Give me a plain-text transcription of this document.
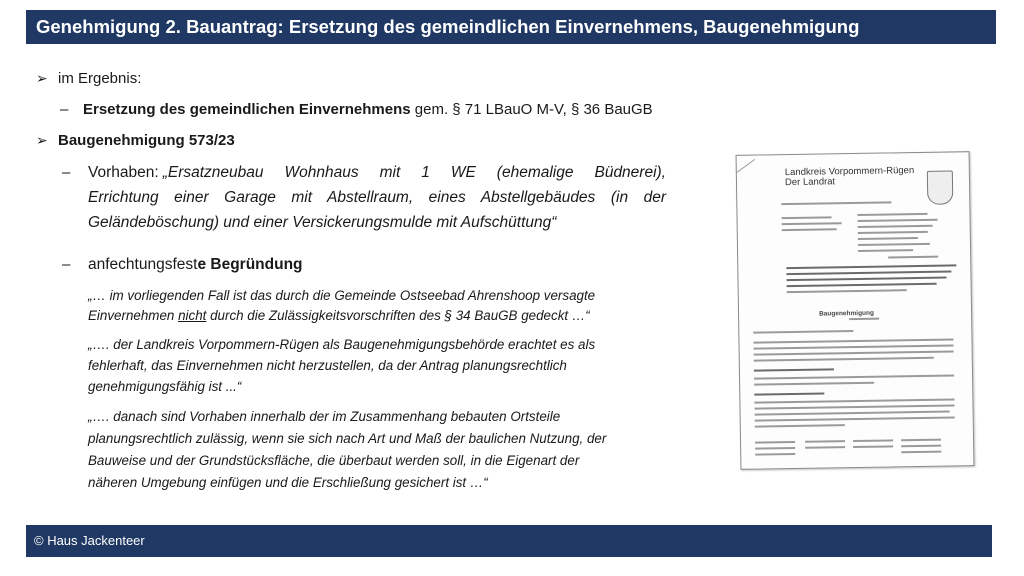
Genehmigung 2. Bauantrag: Ersetzung des gemeindlichen Einvernehmens, Baugenehmigung
➢ im Ergebnis:
– Ersetzung des gemeindlichen Einvernehmens gem. § 71 LBauO M-V, § 36 BauGB
➢ Baugenehmigung 573/23
– Vorhaben: „Ersatzneubau Wohnhaus mit 1 WE (ehemalige Büdnerei),
Errichtung einer Garage mit Abstellraum, eines Abstellgebäudes (in der
Geländeböschung) und einer Versickerungsmulde mit Aufschüttung“
– anfechtungsfeste Begründung
„… im vorliegenden Fall ist das durch die Gemeinde Ostseebad Ahrenshoop versagte
Einvernehmen nicht durch die Zulässigkeitsvorschriften des § 34 BauGB gedeckt …“
„…. der Landkreis Vorpommern-Rügen als Baugenehmigungsbehörde erachtet es als
fehlerhaft, das Einvernehmen nicht herzustellen, da der Antrag planungsrechtlich
genehmigungsfähig ist ...“
„…. danach sind Vorhaben innerhalb der im Zusammenhang bebauten Ortsteile
planungsrechtlich zulässig, wenn sie sich nach Art und Maß der baulichen Nutzung, der
Bauweise und der Grundstücksfläche, die überbaut werden soll, in die Eigenart der
näheren Umgebung einfügen und die Erschließung gesichert ist …“
Landkreis Vorpommern-Rügen
Der Landrat
Baugenehmigung
© Haus Jackenteer
